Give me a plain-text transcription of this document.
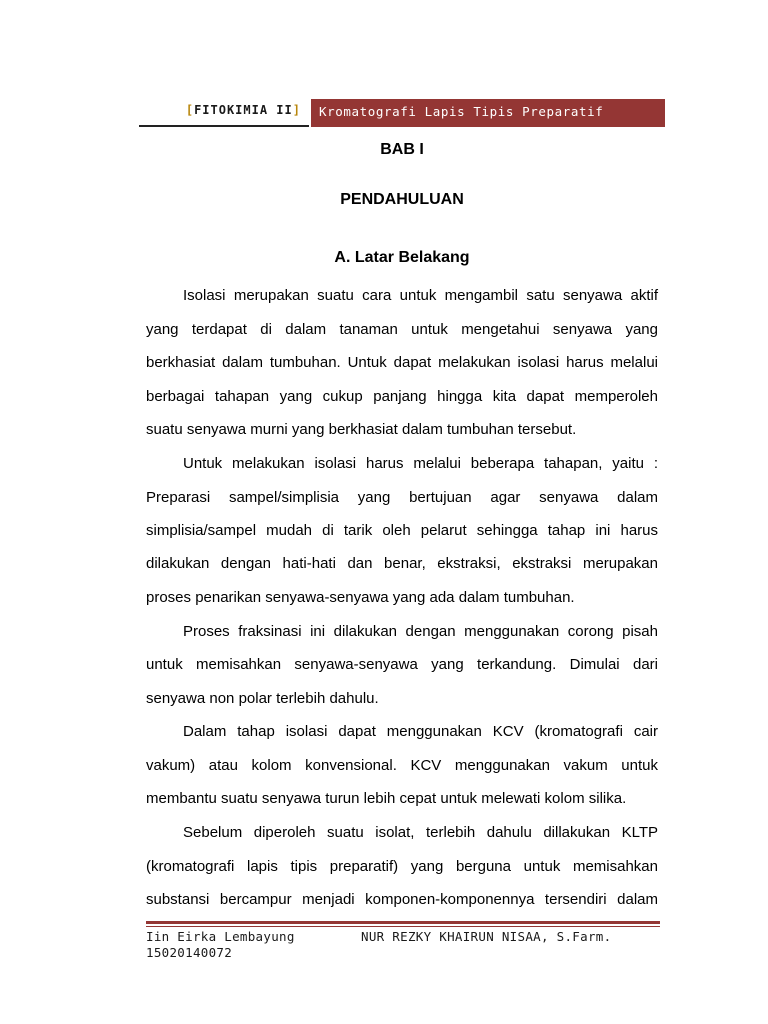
[FITOKIMIA II] Kromatografi Lapis Tipis Preparatif
BAB I
PENDAHULUAN
A. Latar Belakang
Isolasi merupakan suatu cara untuk mengambil satu senyawa aktif
yang terdapat di dalam tanaman untuk mengetahui senyawa yang
berkhasiat dalam tumbuhan. Untuk dapat melakukan isolasi harus melalui
berbagai tahapan yang cukup panjang hingga kita dapat memperoleh
suatu senyawa murni yang berkhasiat dalam tumbuhan tersebut.
Untuk melakukan isolasi harus melalui beberapa tahapan, yaitu :
Preparasi sampel/simplisia yang bertujuan agar senyawa dalam
simplisia/sampel mudah di tarik oleh pelarut sehingga tahap ini harus
dilakukan dengan hati-hati dan benar, ekstraksi, ekstraksi merupakan
proses penarikan senyawa-senyawa yang ada dalam tumbuhan.
Proses fraksinasi ini dilakukan dengan menggunakan corong pisah
untuk memisahkan senyawa-senyawa yang terkandung. Dimulai dari
senyawa non polar terlebih dahulu.
Dalam tahap isolasi dapat menggunakan KCV (kromatografi cair
vakum) atau kolom konvensional. KCV menggunakan vakum untuk
membantu suatu senyawa turun lebih cepat untuk melewati kolom silika.
Sebelum diperoleh suatu isolat, terlebih dahulu dillakukan KLTP
(kromatografi lapis tipis preparatif) yang berguna untuk memisahkan
substansi bercampur menjadi komponen-komponennya tersendiri dalam
Iin Eirka Lembayung
15020140072
NUR REZKY KHAIRUN NISAA, S.Farm.
